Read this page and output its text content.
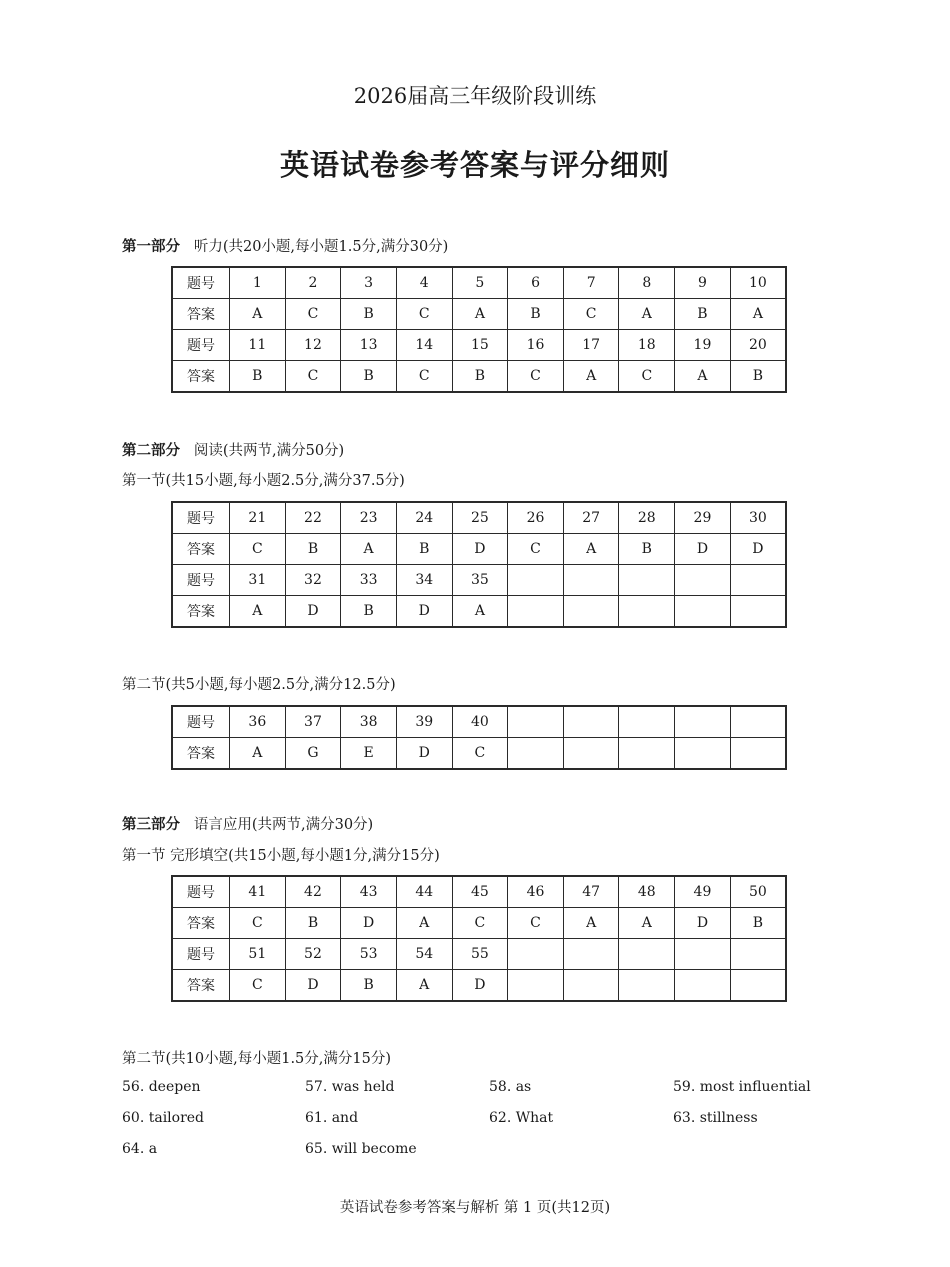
2026届高三年级阶段训练
英语试卷参考答案与评分细则
第一部分 听力(共20小题,每小题1.5分,满分30分)
题号	1	2	3	4	5	6	7	8	9	10
答案	A	C	B	C	A	B	C	A	B	A
题号	11	12	13	14	15	16	17	18	19	20
答案	B	C	B	C	B	C	A	C	A	B
第二部分 阅读(共两节,满分50分)
第一节(共15小题,每小题2.5分,满分37.5分)
题号	21	22	23	24	25	26	27	28	29	30
答案	C	B	A	B	D	C	A	B	D	D
题号	31	32	33	34	35					
答案	A	D	B	D	A					
第二节(共5小题,每小题2.5分,满分12.5分)
题号	36	37	38	39	40					
答案	A	G	E	D	C					
第三部分 语言应用(共两节,满分30分)
第一节 完形填空(共15小题,每小题1分,满分15分)
题号	41	42	43	44	45	46	47	48	49	50
答案	C	B	D	A	C	C	A	A	D	B
题号	51	52	53	54	55					
答案	C	D	B	A	D					
第二节(共10小题,每小题1.5分,满分15分)
56. deepen	57. was held	58. as	59. most influential
60. tailored	61. and	62. What	63. stillness
64. a	65. will become
英语试卷参考答案与解析 第 1 页(共12页)
